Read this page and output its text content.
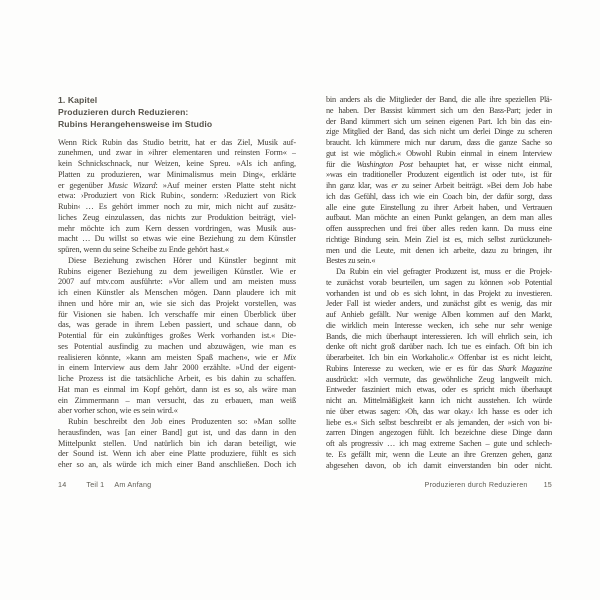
1. Kapitel
Produzieren durch Reduzieren:
Rubins Herangehensweise im Studio
Wenn Rick Rubin das Studio betritt, hat er das Ziel, Musik auf-
zunehmen, und zwar in »ihrer elementaren und reinsten Form« –
kein Schnickschnack, nur Weizen, keine Spreu. »Als ich anfing,
Platten zu produzieren, war Minimalismus mein Ding«, erklärte
er gegenüber Music Wizard: »Auf meiner ersten Platte steht nicht
etwa: ›Produziert von Rick Rubin‹, sondern: ›Reduziert von Rick
Rubin‹ … Es gehört immer noch zu mir, mich nicht auf zusätz-
liches Zeug einzulassen, das nichts zur Produktion beiträgt, viel-
mehr möchte ich zum Kern dessen vordringen, was Musik aus-
macht … Du willst so etwas wie eine Beziehung zu dem Künstler
spüren, wenn du seine Scheibe zu Ende gehört hast.«
Diese Beziehung zwischen Hörer und Künstler beginnt mit
Rubins eigener Beziehung zu dem jeweiligen Künstler. Wie er
2007 auf mtv.com ausführte: »Vor allem und am meisten muss
ich einen Künstler als Menschen mögen. Dann plaudere ich mit
ihnen und höre mir an, wie sie sich das Projekt vorstellen, was
für Visionen sie haben. Ich verschaffe mir einen Überblick über
das, was gerade in ihrem Leben passiert, und schaue dann, ob
Potential für ein zukünftiges großes Werk vorhanden ist.« Die-
ses Potential ausfindig zu machen und abzuwägen, wie man es
realisieren könnte, »kann am meisten Spaß machen«, wie er Mix
in einem Interview aus dem Jahr 2000 erzählte. »Und der eigent-
liche Prozess ist die tatsächliche Arbeit, es bis dahin zu schaffen.
Hat man es einmal im Kopf gehört, dann ist es so, als wäre man
ein Zimmermann – man versucht, das zu erbauen, man weiß
aber vorher schon, wie es sein wird.«
Rubin beschreibt den Job eines Produzenten so: »Man sollte
herausfinden, was [an einer Band] gut ist, und das dann in den
Mittelpunkt stellen. Und natürlich bin ich daran beteiligt, wie
der Sound ist. Wenn ich aber eine Platte produziere, fühlt es sich
eher so an, als würde ich mich einer Band anschließen. Doch ich
bin anders als die Mitglieder der Band, die alle ihre speziellen Plä-
ne haben. Der Bassist kümmert sich um den Bass-Part; jeder in
der Band kümmert sich um seinen eigenen Part. Ich bin das ein-
zige Mitglied der Band, das sich nicht um derlei Dinge zu scheren
braucht. Ich kümmere mich nur darum, dass die ganze Sache so
gut ist wie möglich.« Obwohl Rubin einmal in einem Interview
für die Washington Post behauptet hat, er wisse nicht einmal,
»was ein traditioneller Produzent eigentlich ist oder tut«, ist für
ihn ganz klar, was er zu seiner Arbeit beiträgt. »Bei dem Job habe
ich das Gefühl, dass ich wie ein Coach bin, der dafür sorgt, dass
alle eine gute Einstellung zu ihrer Arbeit haben, und Vertrauen
aufbaut. Man möchte an einen Punkt gelangen, an dem man alles
offen aussprechen und frei über alles reden kann. Da muss eine
richtige Bindung sein. Mein Ziel ist es, mich selbst zurückzuneh-
men und die Leute, mit denen ich arbeite, dazu zu bringen, ihr
Bestes zu sein.«
Da Rubin ein viel gefragter Produzent ist, muss er die Projek-
te zunächst vorab beurteilen, um sagen zu können »ob Potential
vorhanden ist und ob es sich lohnt, in das Projekt zu investieren.
Jeder Fall ist wieder anders, und zunächst gibt es wenig, das mir
auf Anhieb gefällt. Nur wenige Alben kommen auf den Markt,
die wirklich mein Interesse wecken, ich sehe nur sehr wenige
Bands, die mich überhaupt interessieren. Ich will ehrlich sein, ich
denke oft nicht groß darüber nach. Ich tue es einfach. Oft bin ich
überarbeitet. Ich bin ein Workaholic.« Offenbar ist es nicht leicht,
Rubins Interesse zu wecken, wie er es für das Shark Magazine
ausdrückt: »Ich vermute, das gewöhnliche Zeug langweilt mich.
Entweder fasziniert mich etwas, oder es spricht mich überhaupt
nicht an. Mittelmäßigkeit kann ich nicht ausstehen. Ich würde
nie über etwas sagen: ›Oh, das war okay.‹ Ich hasse es oder ich
liebe es.« Sich selbst beschreibt er als jemanden, der »sich von bi-
zarren Dingen angezogen fühlt. Ich bezeichne diese Dinge dann
oft als progressiv … ich mag extreme Sachen – gute und schlech-
te. Es gefällt mir, wenn die Leute an ihre Grenzen gehen, ganz
abgesehen davon, ob ich damit einverstanden bin oder nicht.
14	Teil 1 Am Anfang	Produzieren durch Reduzieren 15
